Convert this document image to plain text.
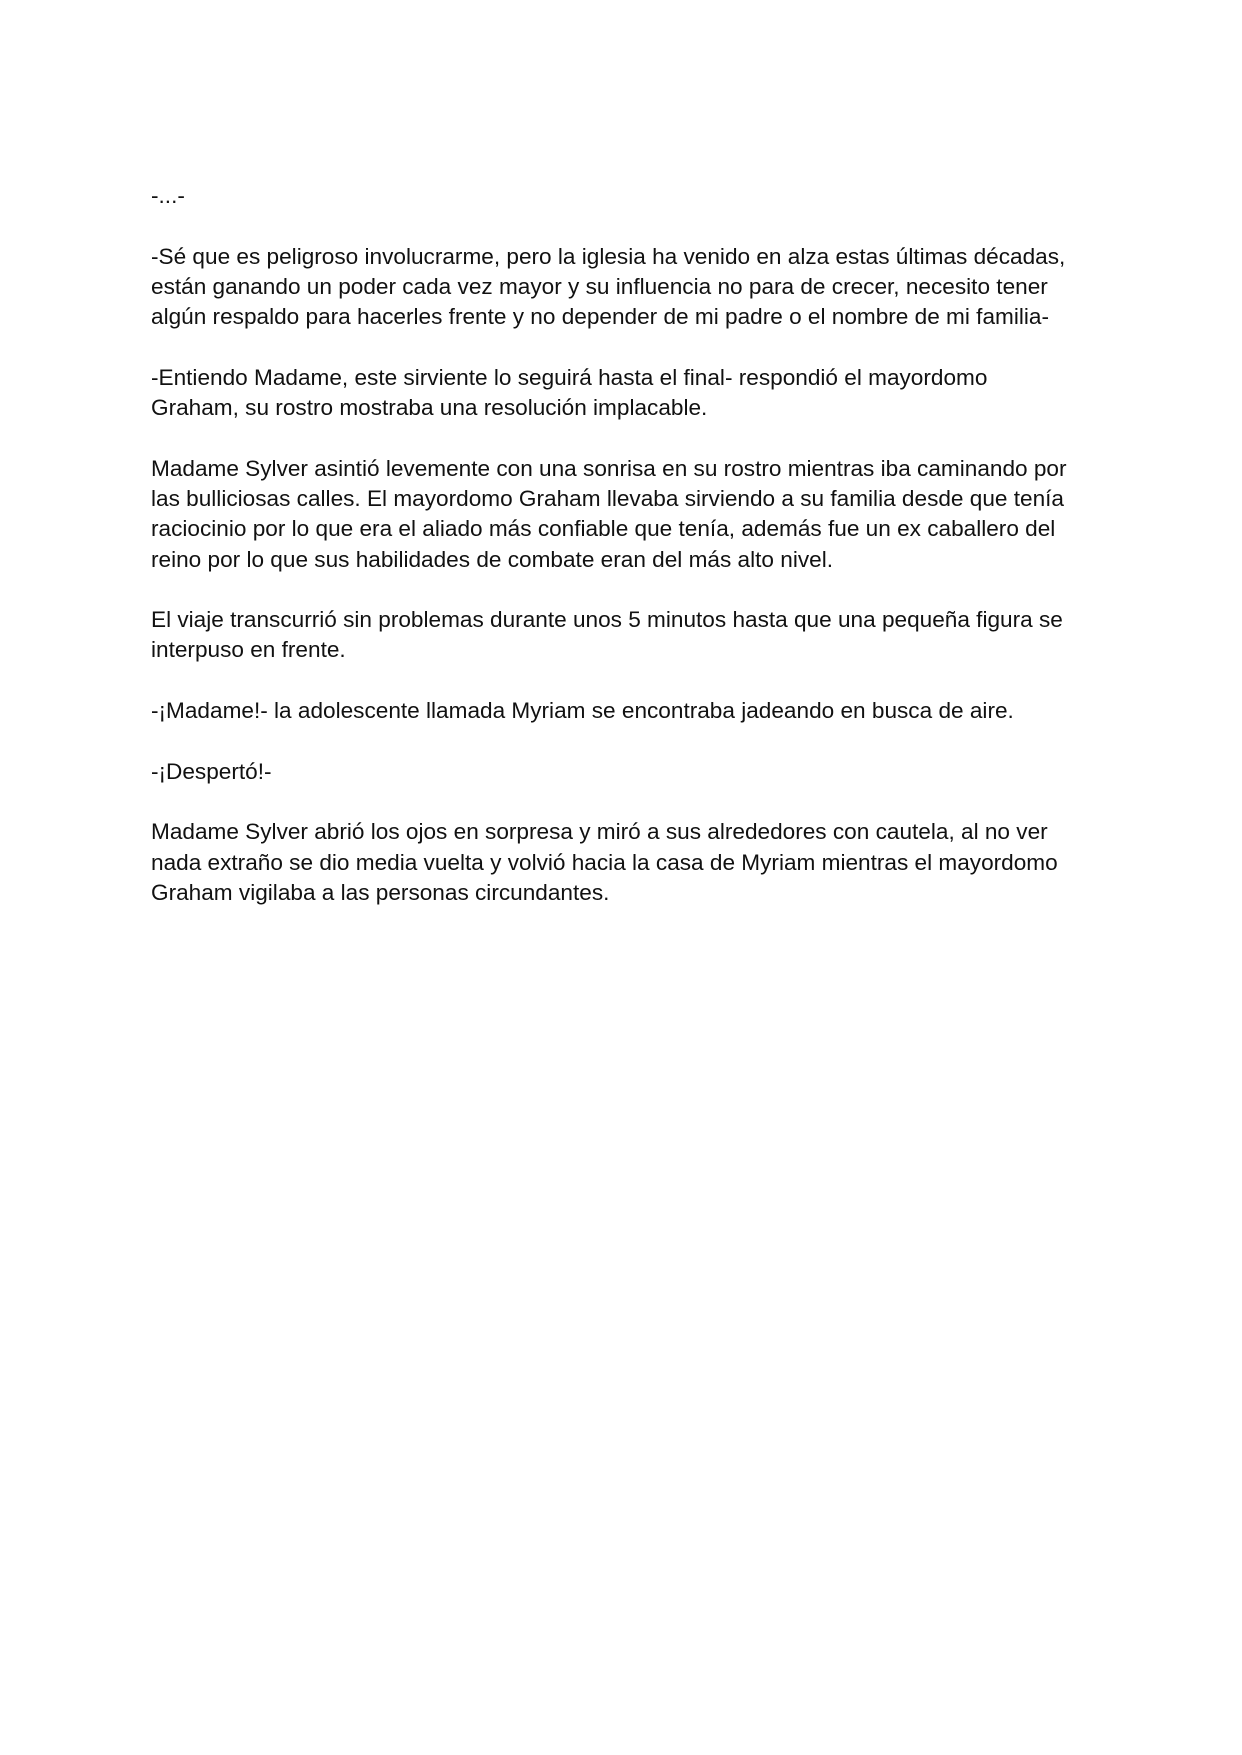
-...-

-Sé que es peligroso involucrarme, pero la iglesia ha venido en alza estas últimas décadas,
están ganando un poder cada vez mayor y su influencia no para de crecer, necesito tener
algún respaldo para hacerles frente y no depender de mi padre o el nombre de mi familia-

-Entiendo Madame, este sirviente lo seguirá hasta el final- respondió el mayordomo
Graham, su rostro mostraba una resolución implacable.

Madame Sylver asintió levemente con una sonrisa en su rostro mientras iba caminando por
las bulliciosas calles. El mayordomo Graham llevaba sirviendo a su familia desde que tenía
raciocinio por lo que era el aliado más confiable que tenía, además fue un ex caballero del
reino por lo que sus habilidades de combate eran del más alto nivel.

El viaje transcurrió sin problemas durante unos 5 minutos hasta que una pequeña figura se
interpuso en frente.

-¡Madame!- la adolescente llamada Myriam se encontraba jadeando en busca de aire.

-¡Despertó!-

Madame Sylver abrió los ojos en sorpresa y miró a sus alrededores con cautela, al no ver
nada extraño se dio media vuelta y volvió hacia la casa de Myriam mientras el mayordomo
Graham vigilaba a las personas circundantes.
